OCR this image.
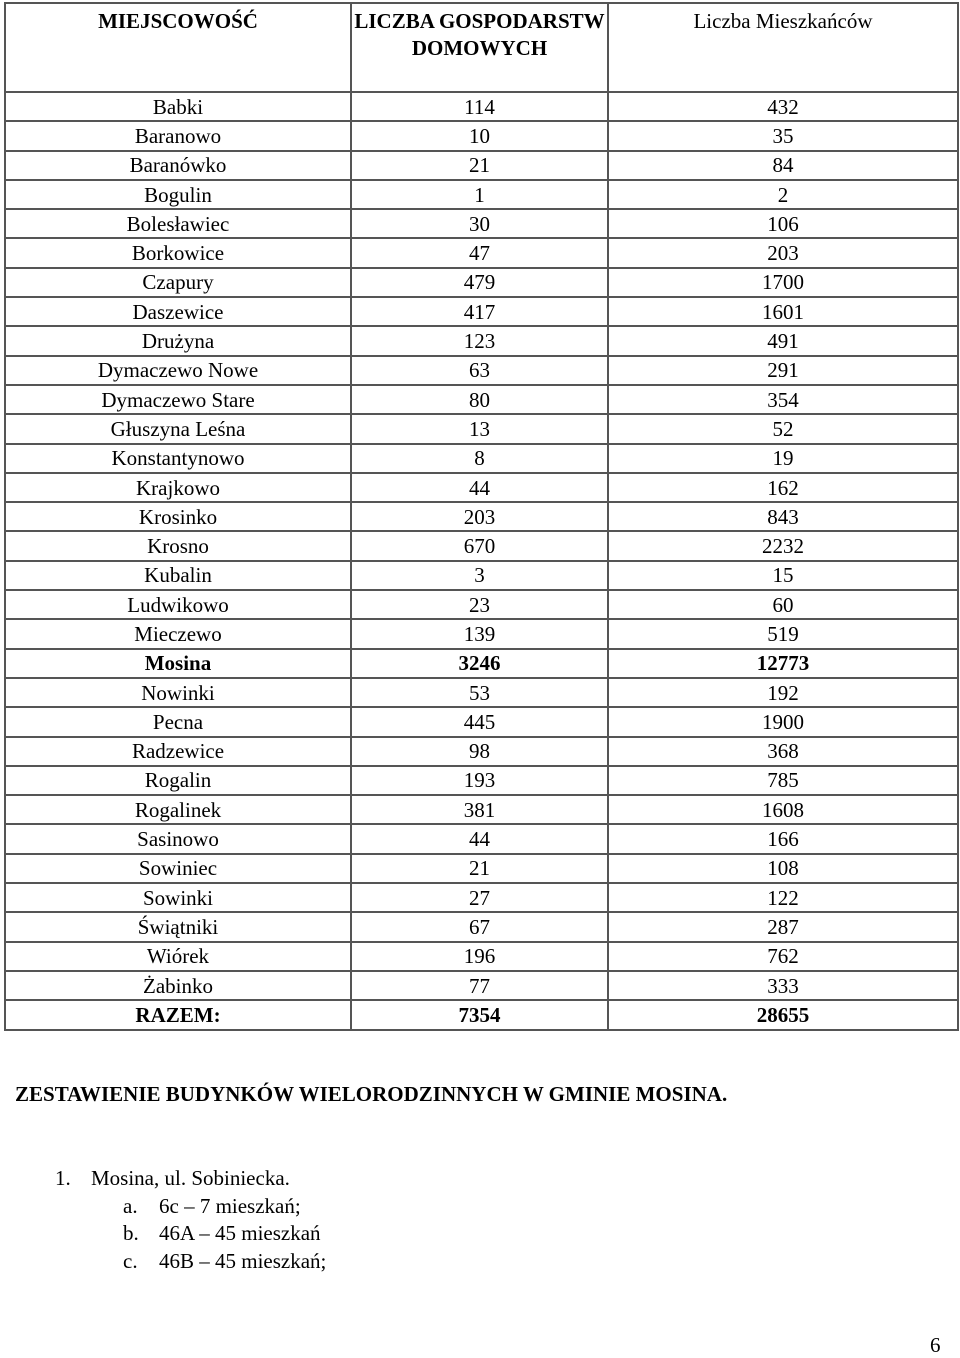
MIEJSCOWOŚĆ	LICZBA GOSPODARSTW DOMOWYCH	Liczba Mieszkańców
Babki	114	432
Baranowo	10	35
Baranówko	21	84
Bogulin	1	2
Bolesławiec	30	106
Borkowice	47	203
Czapury	479	1700
Daszewice	417	1601
Drużyna	123	491
Dymaczewo Nowe	63	291
Dymaczewo Stare	80	354
Głuszyna Leśna	13	52
Konstantynowo	8	19
Krajkowo	44	162
Krosinko	203	843
Krosno	670	2232
Kubalin	3	15
Ludwikowo	23	60
Mieczewo	139	519
Mosina	3246	12773
Nowinki	53	192
Pecna	445	1900
Radzewice	98	368
Rogalin	193	785
Rogalinek	381	1608
Sasinowo	44	166
Sowiniec	21	108
Sowinki	27	122
Świątniki	67	287
Wiórek	196	762
Żabinko	77	333
RAZEM:	7354	28655

ZESTAWIENIE BUDYNKÓW WIELORODZINNYCH W GMINIE MOSINA.

1. Mosina, ul. Sobiniecka.
a. 6c – 7 mieszkań;
b. 46A – 45 mieszkań
c. 46B – 45 mieszkań;
6
